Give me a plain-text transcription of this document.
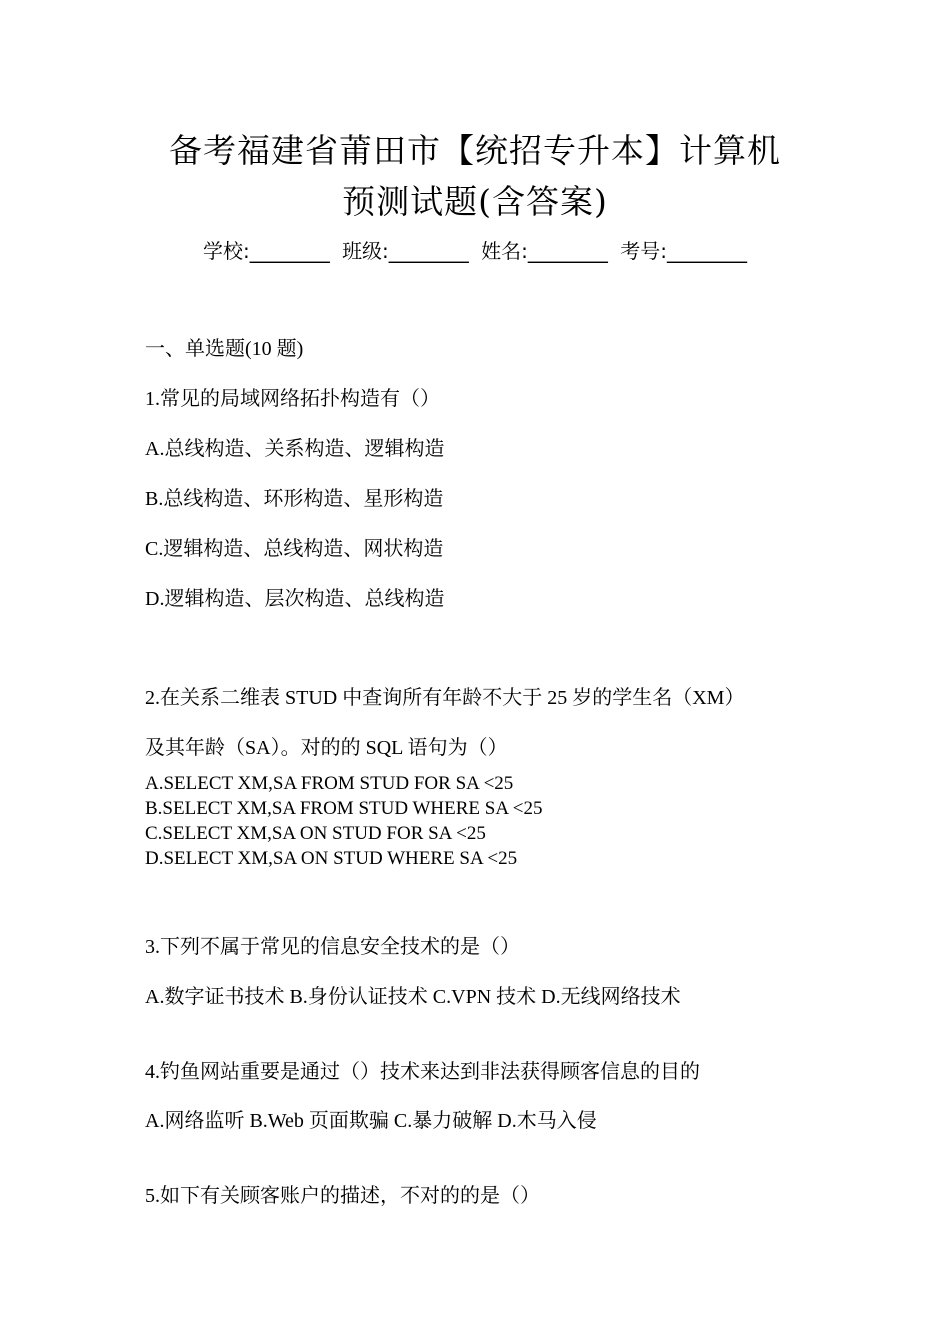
备考福建省莆田市【统招专升本】计算机
预测试题(含答案)
学校:________ 班级:________ 姓名:________ 考号:________
一、单选题(10 题)
1.常见的局域网络拓扑构造有（）
A.总线构造、关系构造、逻辑构造
B.总线构造、环形构造、星形构造
C.逻辑构造、总线构造、网状构造
D.逻辑构造、层次构造、总线构造
2.在关系二维表 STUD 中查询所有年龄不大于 25 岁的学生名（XM）
及其年龄（SA）。对的的 SQL 语句为（）
A.SELECT XM,SA FROM STUD FOR SA <25
B.SELECT XM,SA FROM STUD WHERE SA <25
C.SELECT XM,SA ON STUD FOR SA <25
D.SELECT XM,SA ON STUD WHERE SA <25
3.下列不属于常见的信息安全技术的是（）
A.数字证书技术 B.身份认证技术 C.VPN 技术 D.无线网络技术
4.钓鱼网站重要是通过（）技术来达到非法获得顾客信息的目的
A.网络监听 B.Web 页面欺骗 C.暴力破解 D.木马入侵
5.如下有关顾客账户的描述，不对的的是（）
